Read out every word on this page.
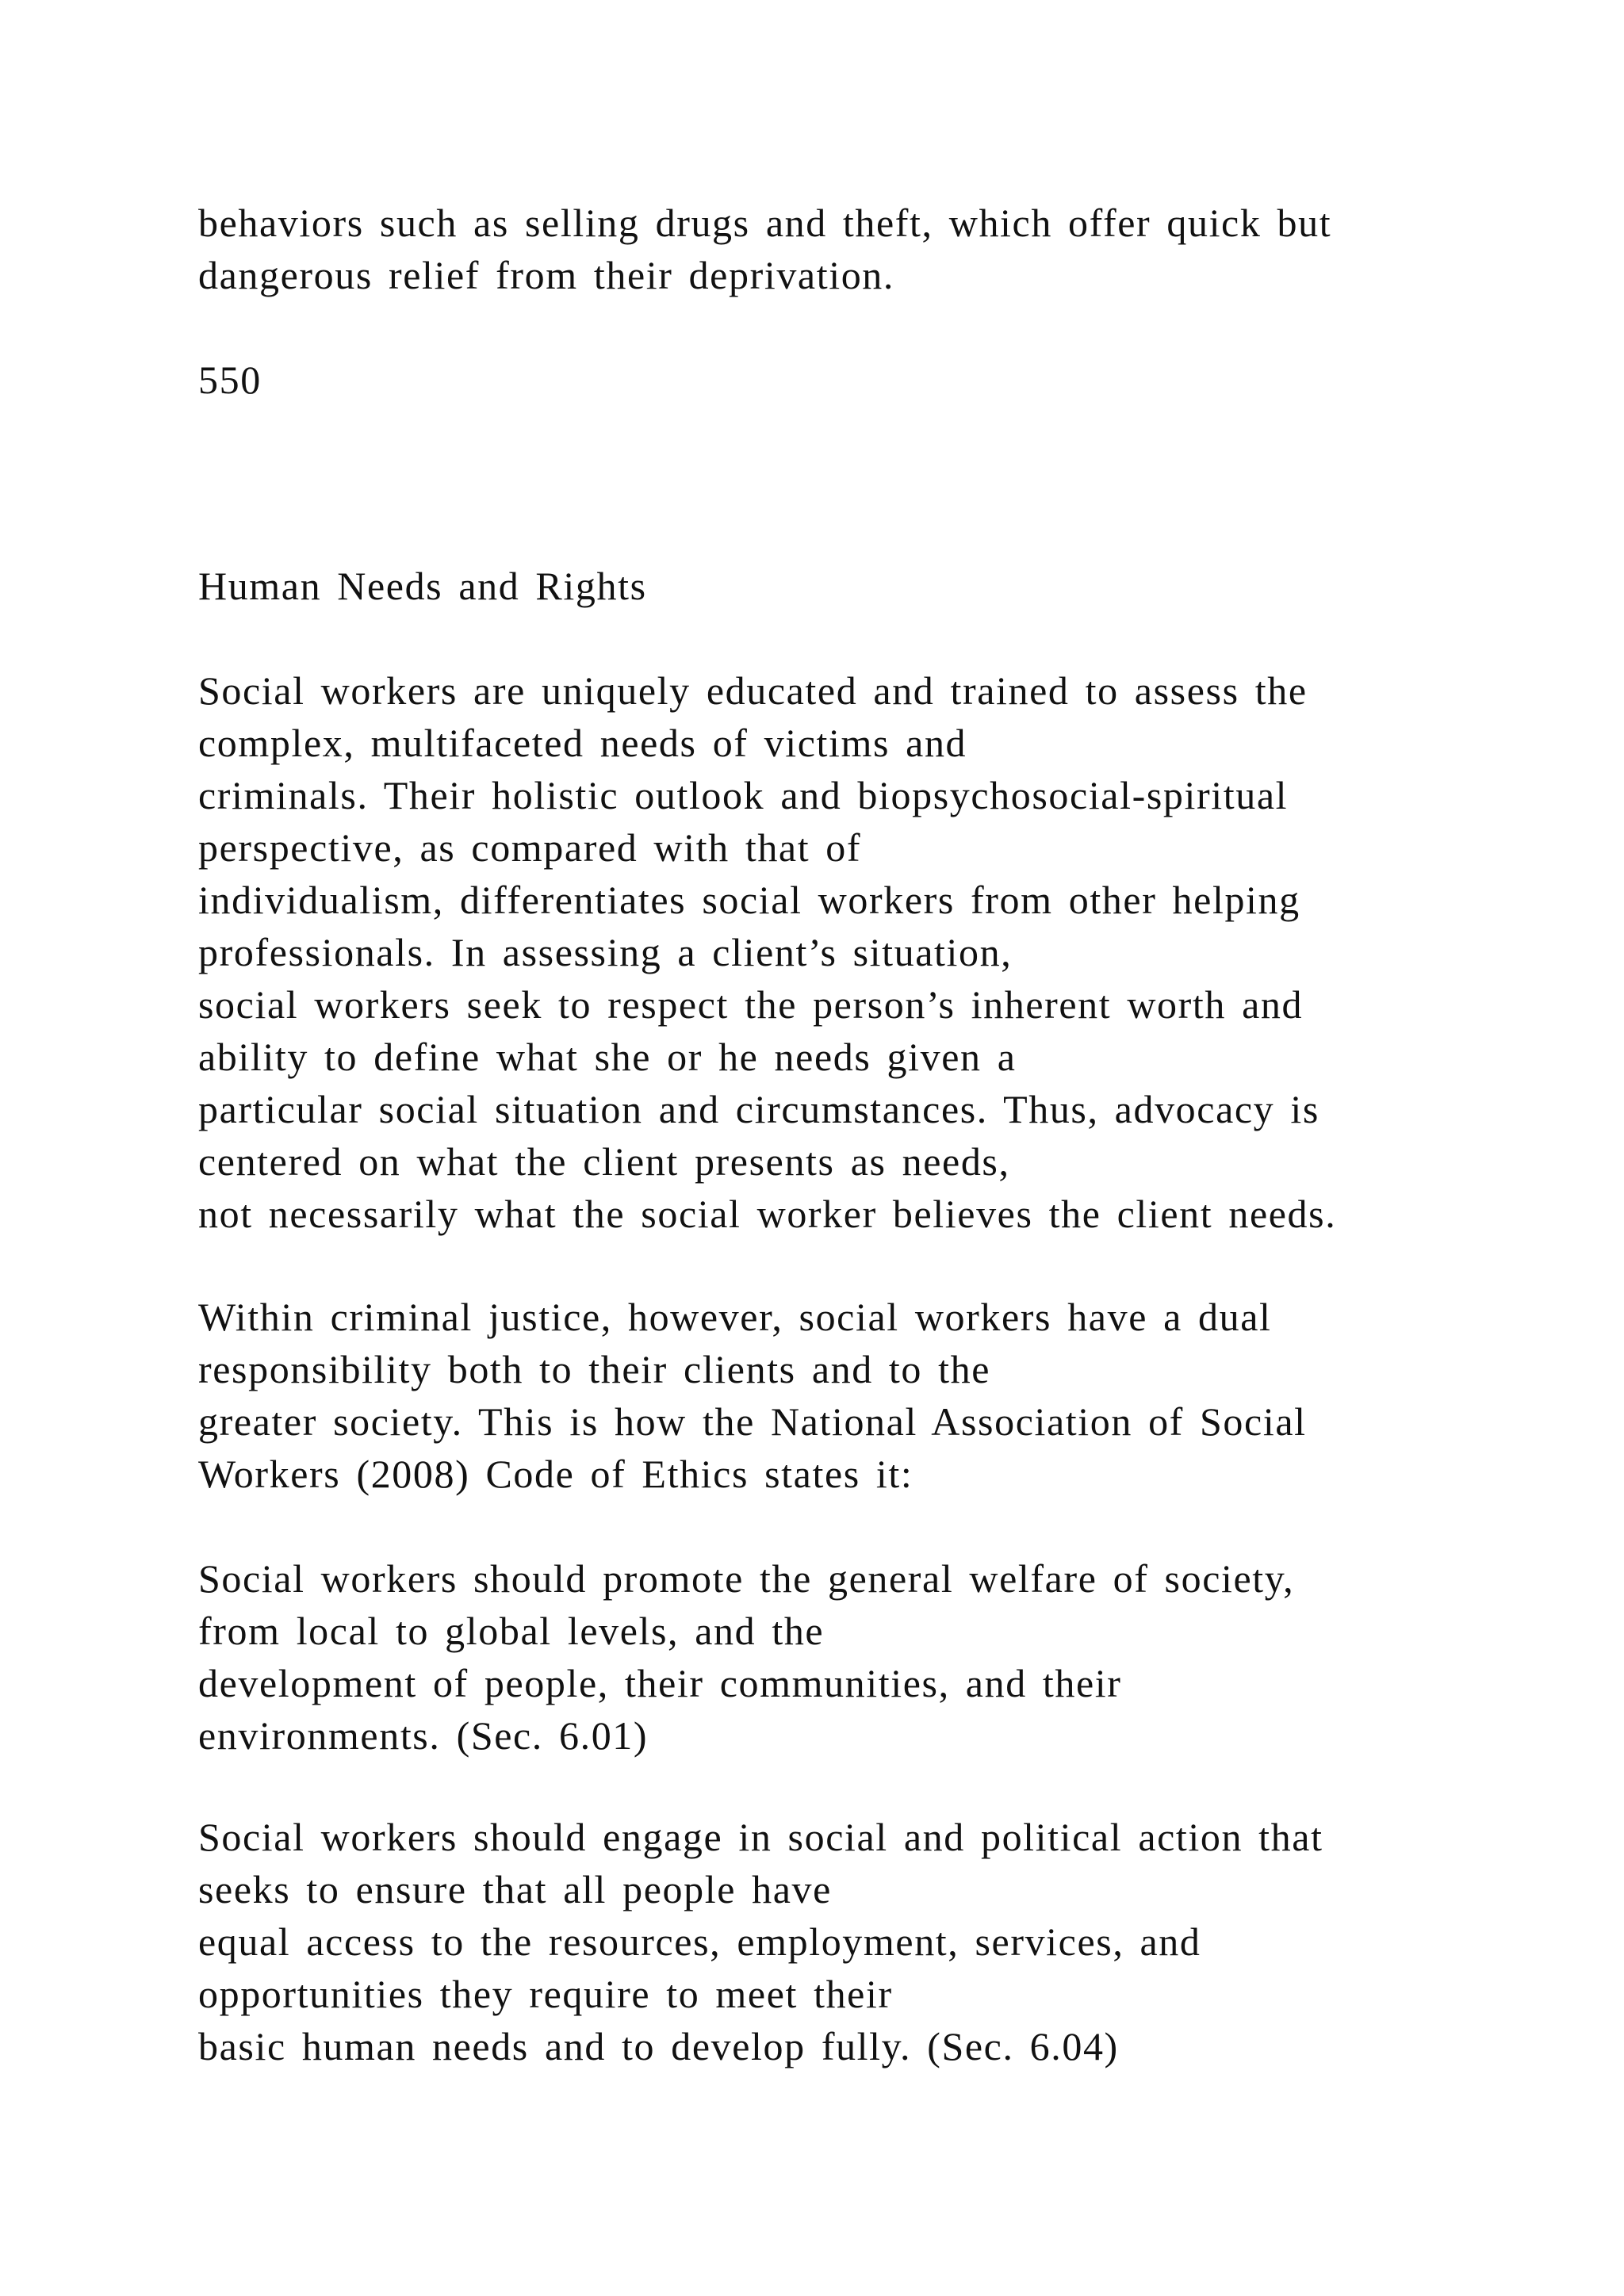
behaviors such as selling drugs and theft, which offer quick but
dangerous relief from their deprivation.
550
Human Needs and Rights
Social workers are uniquely educated and trained to assess the
complex, multifaceted needs of victims and
criminals. Their holistic outlook and biopsychosocial-spiritual
perspective, as compared with that of
individualism, differentiates social workers from other helping
professionals. In assessing a client’s situation,
social workers seek to respect the person’s inherent worth and
ability to define what she or he needs given a
particular social situation and circumstances. Thus, advocacy is
centered on what the client presents as needs,
not necessarily what the social worker believes the client needs.
Within criminal justice, however, social workers have a dual
responsibility both to their clients and to the
greater society. This is how the National Association of Social
Workers (2008) Code of Ethics states it:
Social workers should promote the general welfare of society,
from local to global levels, and the
development of people, their communities, and their
environments. (Sec. 6.01)
Social workers should engage in social and political action that
seeks to ensure that all people have
equal access to the resources, employment, services, and
opportunities they require to meet their
basic human needs and to develop fully. (Sec. 6.04)
